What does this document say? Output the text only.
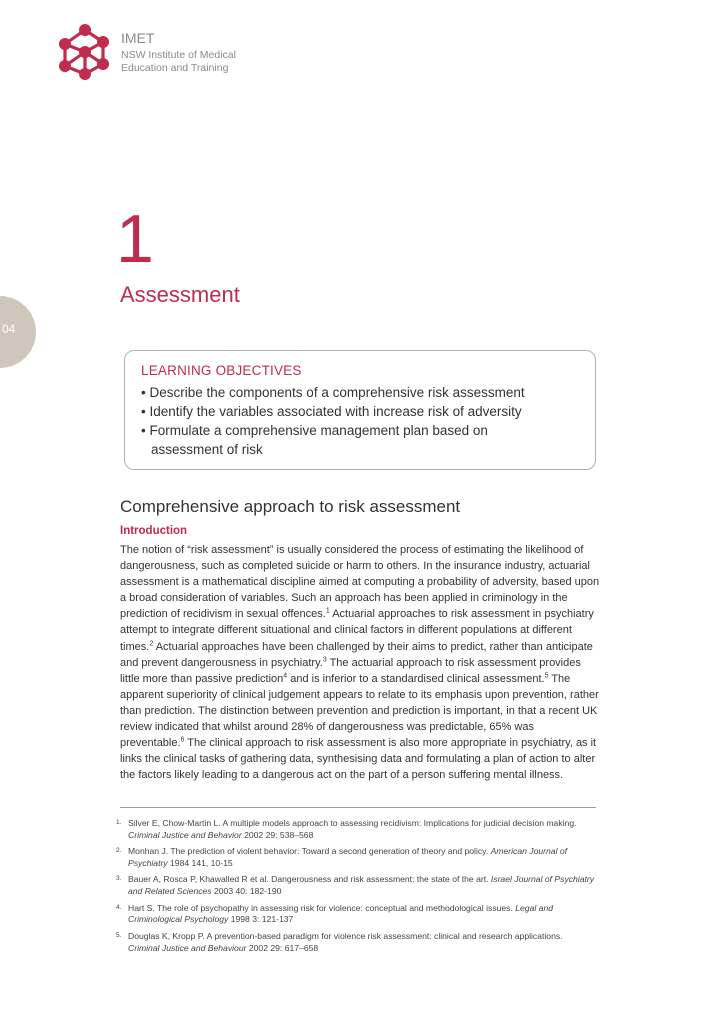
IMET
NSW Institute of Medical
Education and Training
04
1
Assessment
LEARNING OBJECTIVES
• Describe the components of a comprehensive risk assessment
• Identify the variables associated with increase risk of adversity
• Formulate a comprehensive management plan based on assessment of risk
Comprehensive approach to risk assessment
Introduction

The notion of “risk assessment” is usually considered the process of estimating the likelihood of dangerousness, such as completed suicide or harm to others. In the insurance industry, actuarial assessment is a mathematical discipline aimed at computing a probability of adversity, based upon a broad consideration of variables. Such an approach has been applied in criminology in the prediction of recidivism in sexual offences.$^1$ Actuarial approaches to risk assessment in psychiatry attempt to integrate different situational and clinical factors in different populations at different times.$^2$ Actuarial approaches have been challenged by their aims to predict, rather than anticipate and prevent dangerousness in psychiatry.$^3$ The actuarial approach to risk assessment provides little more than passive prediction$^4$ and is inferior to a standardised clinical assessment.$^5$ The apparent superiority of clinical judgement appears to relate to its emphasis upon prevention, rather than prediction. The distinction between prevention and prediction is important, in that a recent UK review indicated that whilst around 28% of dangerousness was predictable, 65% was preventable.$^6$ The clinical approach to risk assessment is also more appropriate in psychiatry, as it links the clinical tasks of gathering data, synthesising data and formulating a plan of action to alter the factors likely leading to a dangerous act on the part of a person suffering mental illness.

1. Silver E, Chow-Martin L. A multiple models approach to assessing recidivism: Implications for judicial decision making. Criminal Justice and Behavior 2002 29: 538–568
2. Monhan J. The prediction of violent behavior: Toward a second generation of theory and policy. American Journal of Psychiatry 1984 141, 10-15
3. Bauer A, Rosca P, Khawalled R et al. Dangerousness and risk assessment: the state of the art. Israel Journal of Psychiatry and Related Sciences 2003 40: 182-190
4. Hart S. The role of psychopathy in assessing risk for violence: conceptual and methodological issues. Legal and Criminological Psychology 1998 3: 121-137
5. Douglas K, Kropp P. A prevention-based paradigm for violence risk assessment: clinical and research applications. Criminal Justice and Behaviour 2002 29: 617–658
